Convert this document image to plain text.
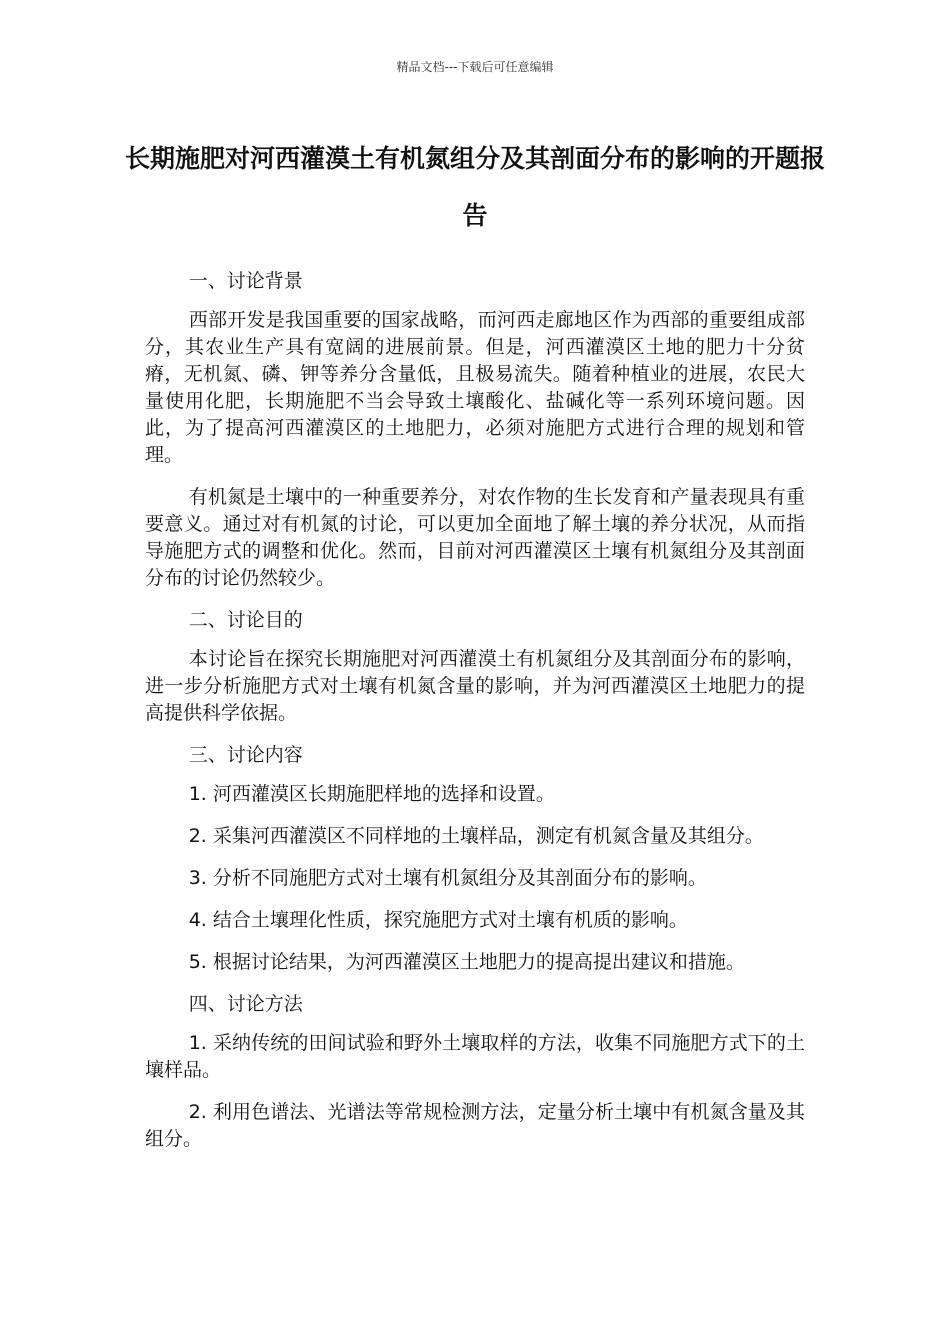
精品文档---下载后可任意编辑
长期施肥对河西灌漠土有机氮组分及其剖面分布的影响的开题报告

一、讨论背景

西部开发是我国重要的国家战略，而河西走廊地区作为西部的重要组成部分，其农业生产具有宽阔的进展前景。但是，河西灌漠区土地的肥力十分贫瘠，无机氮、磷、钾等养分含量低，且极易流失。随着种植业的进展，农民大量使用化肥，长期施肥不当会导致土壤酸化、盐碱化等一系列环境问题。因此，为了提高河西灌漠区的土地肥力，必须对施肥方式进行合理的规划和管理。

有机氮是土壤中的一种重要养分，对农作物的生长发育和产量表现具有重要意义。通过对有机氮的讨论，可以更加全面地了解土壤的养分状况，从而指导施肥方式的调整和优化。然而，目前对河西灌漠区土壤有机氮组分及其剖面分布的讨论仍然较少。

二、讨论目的

本讨论旨在探究长期施肥对河西灌漠土有机氮组分及其剖面分布的影响，进一步分析施肥方式对土壤有机氮含量的影响，并为河西灌漠区土地肥力的提高提供科学依据。

三、讨论内容

1. 河西灌漠区长期施肥样地的选择和设置。

2. 采集河西灌漠区不同样地的土壤样品，测定有机氮含量及其组分。

3. 分析不同施肥方式对土壤有机氮组分及其剖面分布的影响。

4. 结合土壤理化性质，探究施肥方式对土壤有机质的影响。

5. 根据讨论结果，为河西灌漠区土地肥力的提高提出建议和措施。

四、讨论方法

1. 采纳传统的田间试验和野外土壤取样的方法，收集不同施肥方式下的土壤样品。

2. 利用色谱法、光谱法等常规检测方法，定量分析土壤中有机氮含量及其组分。
